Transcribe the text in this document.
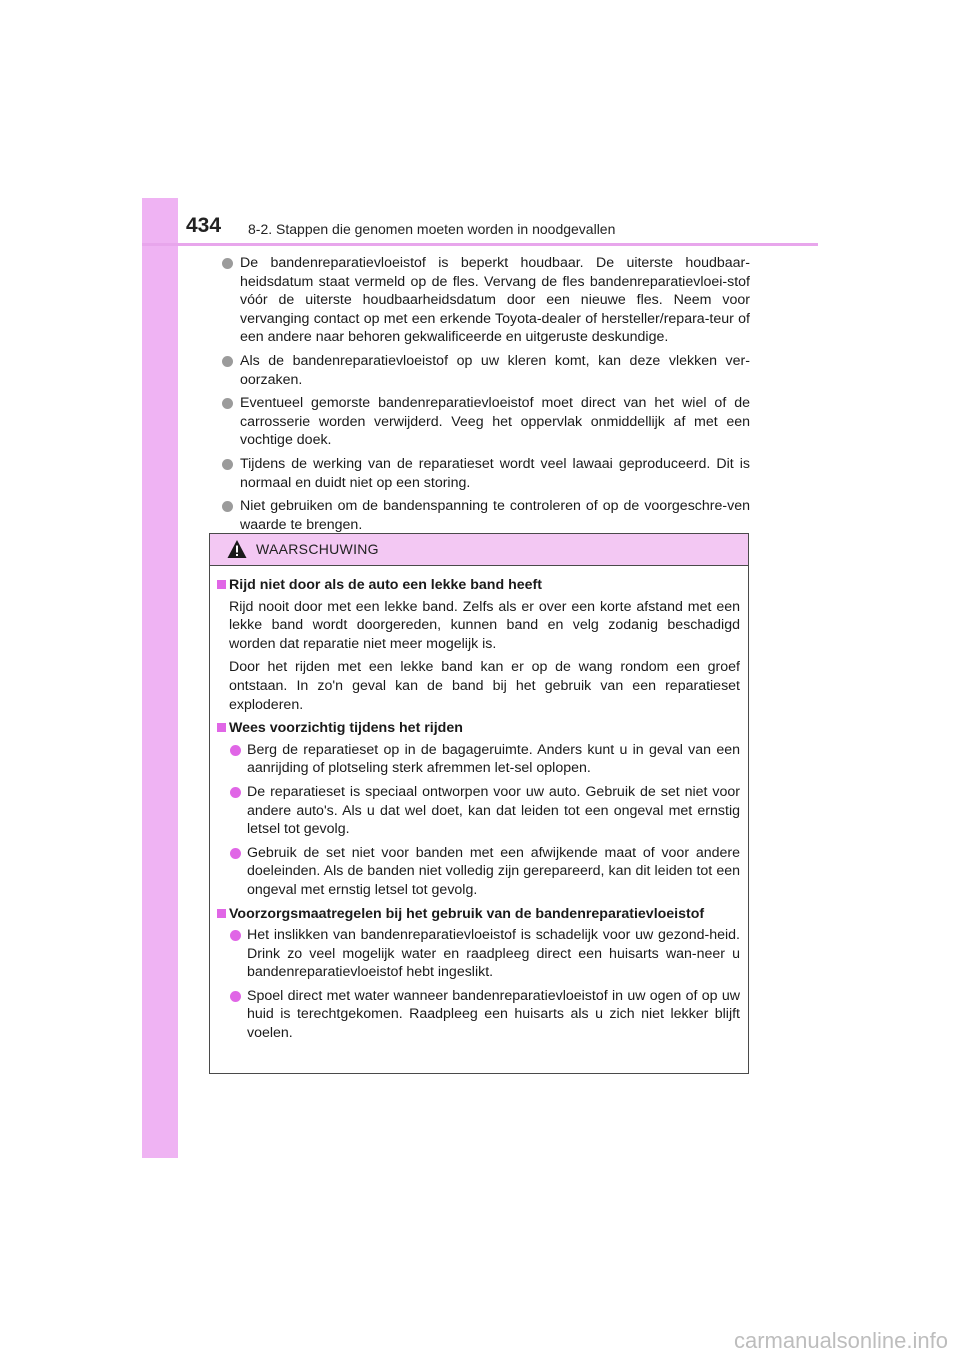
434 8-2. Stappen die genomen moeten worden in noodgevallen
De bandenreparatievloeistof is beperkt houdbaar. De uiterste houdbaar-heidsdatum staat vermeld op de fles. Vervang de fles bandenreparatievloei-stof vóór de uiterste houdbaarheidsdatum door een nieuwe fles. Neem voor vervanging contact op met een erkende Toyota-dealer of hersteller/repara-teur of een andere naar behoren gekwalificeerde en uitgeruste deskundige.
Als de bandenreparatievloeistof op uw kleren komt, kan deze vlekken ver-oorzaken.
Eventueel gemorste bandenreparatievloeistof moet direct van het wiel of de carrosserie worden verwijderd. Veeg het oppervlak onmiddellijk af met een vochtige doek.
Tijdens de werking van de reparatieset wordt veel lawaai geproduceerd. Dit is normaal en duidt niet op een storing.
Niet gebruiken om de bandenspanning te controleren of op de voorgeschre-ven waarde te brengen.
WAARSCHUWING
Rijd niet door als de auto een lekke band heeft

Rijd nooit door met een lekke band. Zelfs als er over een korte afstand met een lekke band wordt doorgereden, kunnen band en velg zodanig beschadigd worden dat reparatie niet meer mogelijk is.

Door het rijden met een lekke band kan er op de wang rondom een groef ontstaan. In zo'n geval kan de band bij het gebruik van een reparatieset exploderen.

Wees voorzichtig tijdens het rijden
Berg de reparatieset op in de bagageruimte. Anders kunt u in geval van een aanrijding of plotseling sterk afremmen let-sel oplopen.
De reparatieset is speciaal ontworpen voor uw auto. Gebruik de set niet voor andere auto's. Als u dat wel doet, kan dat leiden tot een ongeval met ernstig letsel tot gevolg.
Gebruik de set niet voor banden met een afwijkende maat of voor andere doeleinden. Als de banden niet volledig zijn gerepareerd, kan dit leiden tot een ongeval met ernstig letsel tot gevolg.
Voorzorgsmaatregelen bij het gebruik van de bandenreparatievloeistof
Het inslikken van bandenreparatievloeistof is schadelijk voor uw gezond-heid. Drink zo veel mogelijk water en raadpleeg direct een huisarts wan-neer u bandenreparatievloeistof hebt ingeslikt.
Spoel direct met water wanneer bandenreparatievloeistof in uw ogen of op uw huid is terechtgekomen. Raadpleeg een huisarts als u zich niet lekker blijft voelen.
carmanualsonline.info
